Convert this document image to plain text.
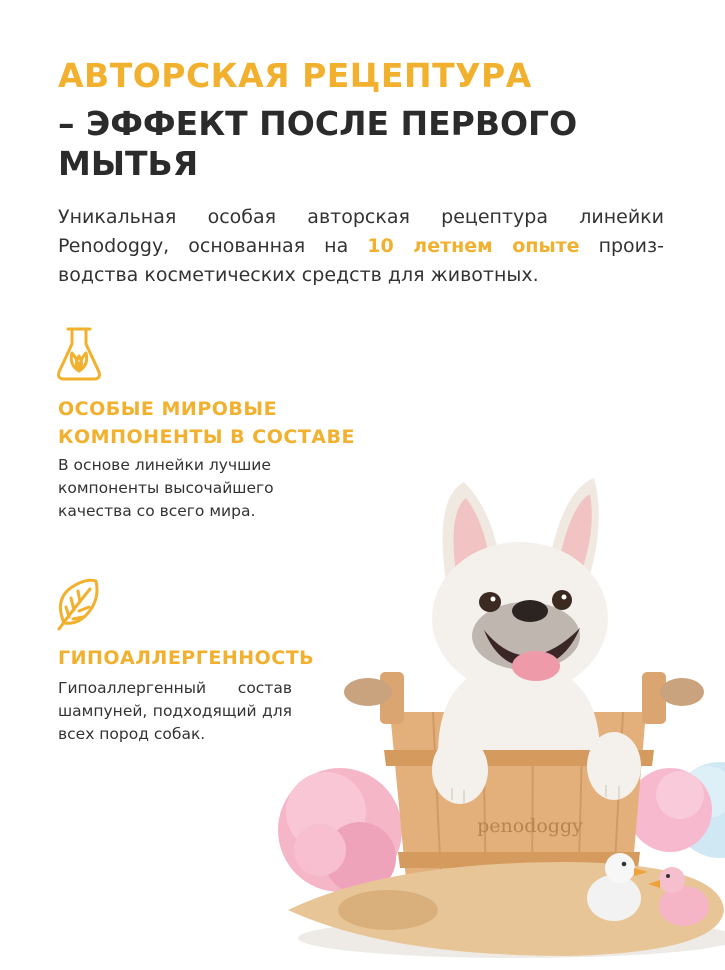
АВТОРСКАЯ РЕЦЕПТУРА
– ЭФФЕКТ ПОСЛЕ ПЕРВОГО МЫТЬЯ

Уникальная особая авторская рецептура линейки Penodoggy, основанная на 10 летнем опыте произ-водства косметических средств для животных.

ОСОБЫЕ МИРОВЫЕ КОМПОНЕНТЫ В СОСТАВЕ

В основе линейки лучшие компоненты высочайшего качества со всего мира.

ГИПОАЛЛЕРГЕННОСТЬ

Гипоаллергенный состав шампуней, подходящий для всех пород собак.

penodoggy
